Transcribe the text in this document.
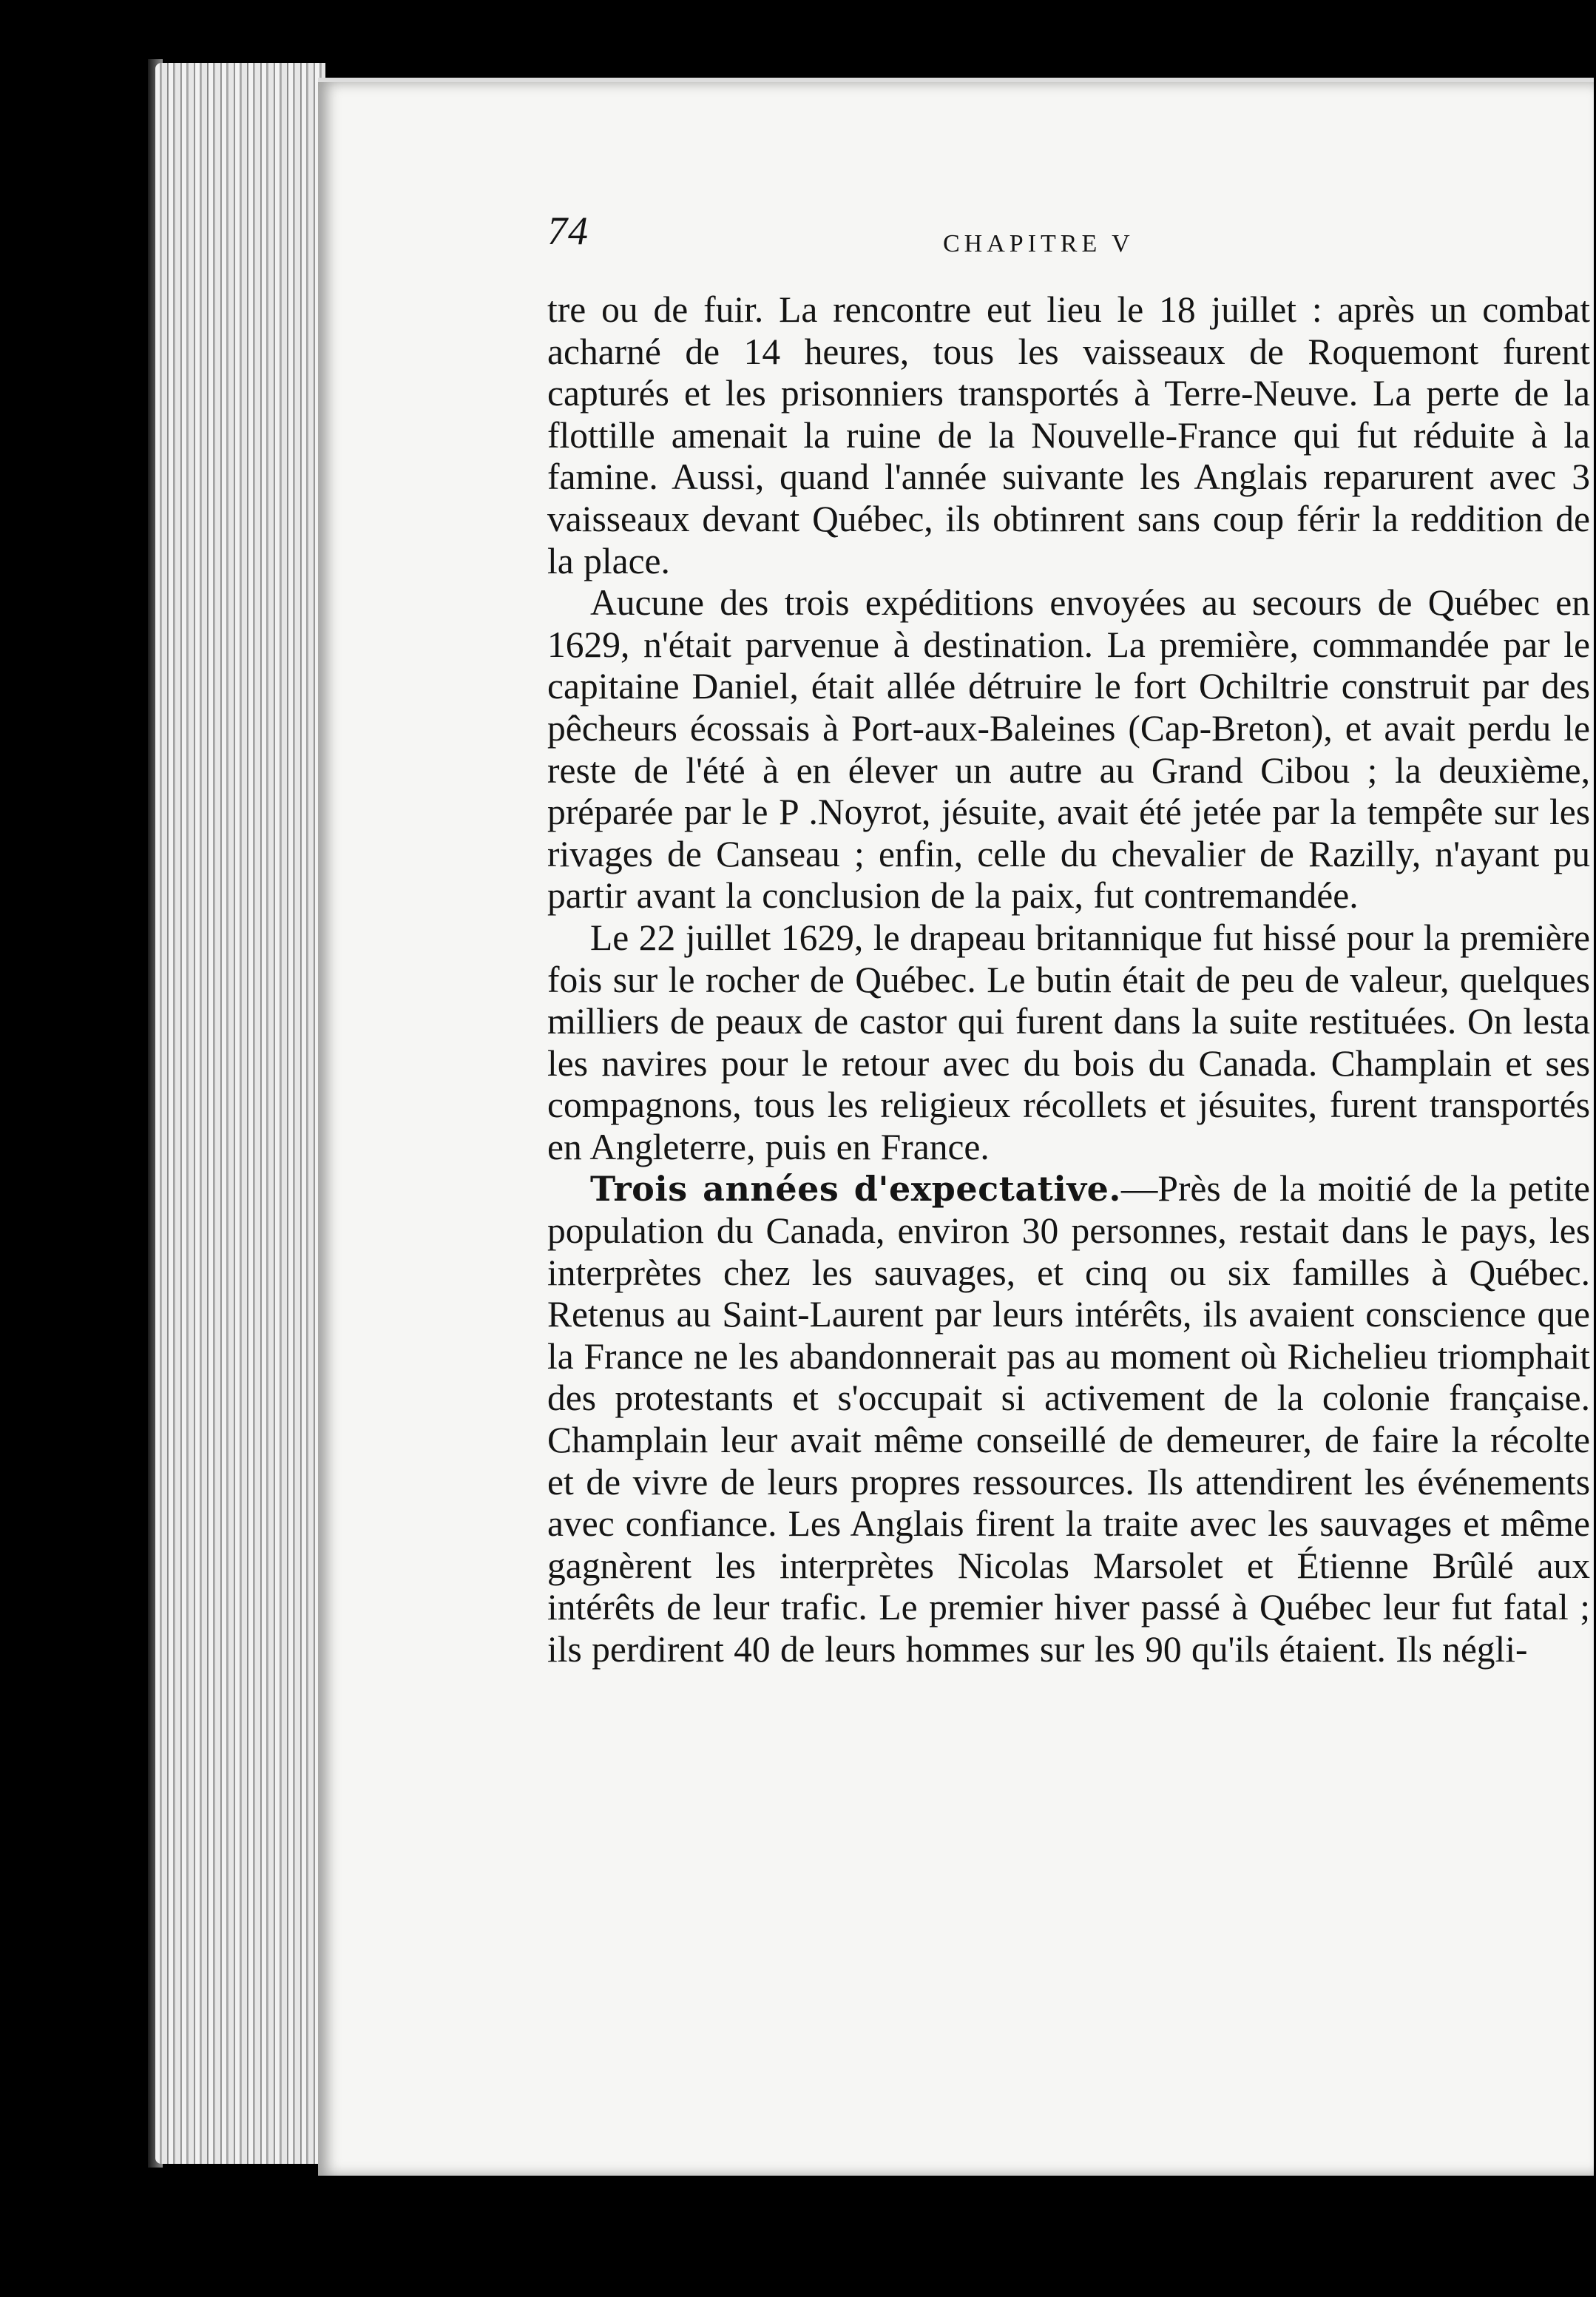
74	CHAPITRE V

tre ou de fuir. La rencontre eut lieu le 18 juillet : après un combat acharné de 14 heures, tous les vaisseaux de Roquemont furent capturés et les prisonniers transportés à Terre-Neuve. La perte de la flottille amenait la ruine de la Nouvelle-France qui fut réduite à la famine. Aussi, quand l'année suivante les Anglais reparurent avec 3 vaisseaux devant Québec, ils obtinrent sans coup férir la reddition de la place.

Aucune des trois expéditions envoyées au secours de Québec en 1629, n'était parvenue à destination. La première, commandée par le capitaine Daniel, était allée détruire le fort Ochiltrie construit par des pêcheurs écossais à Port-aux-Baleines (Cap-Breton), et avait perdu le reste de l'été à en élever un autre au Grand Cibou ; la deuxième, préparée par le P .Noyrot, jésuite, avait été jetée par la tempête sur les rivages de Canseau ; enfin, celle du chevalier de Razilly, n'ayant pu partir avant la conclusion de la paix, fut contremandée.

Le 22 juillet 1629, le drapeau britannique fut hissé pour la première fois sur le rocher de Québec. Le butin était de peu de valeur, quelques milliers de peaux de castor qui furent dans la suite restituées. On lesta les navires pour le retour avec du bois du Canada. Champlain et ses compagnons, tous les religieux récollets et jésuites, furent transportés en Angleterre, puis en France.

Trois années d'expectative.—Près de la moitié de la petite population du Canada, environ 30 personnes, restait dans le pays, les interprètes chez les sauvages, et cinq ou six familles à Québec. Retenus au Saint-Laurent par leurs intérêts, ils avaient conscience que la France ne les abandonnerait pas au moment où Richelieu triomphait des protestants et s'occupait si activement de la colonie française. Champlain leur avait même conseillé de demeurer, de faire la récolte et de vivre de leurs propres ressources. Ils attendirent les événements avec confiance. Les Anglais firent la traite avec les sauvages et même gagnèrent les interprètes Nicolas Marsolet et Étienne Brûlé aux intérêts de leur trafic. Le premier hiver passé à Québec leur fut fatal ; ils perdirent 40 de leurs hommes sur les 90 qu'ils étaient. Ils négli-
